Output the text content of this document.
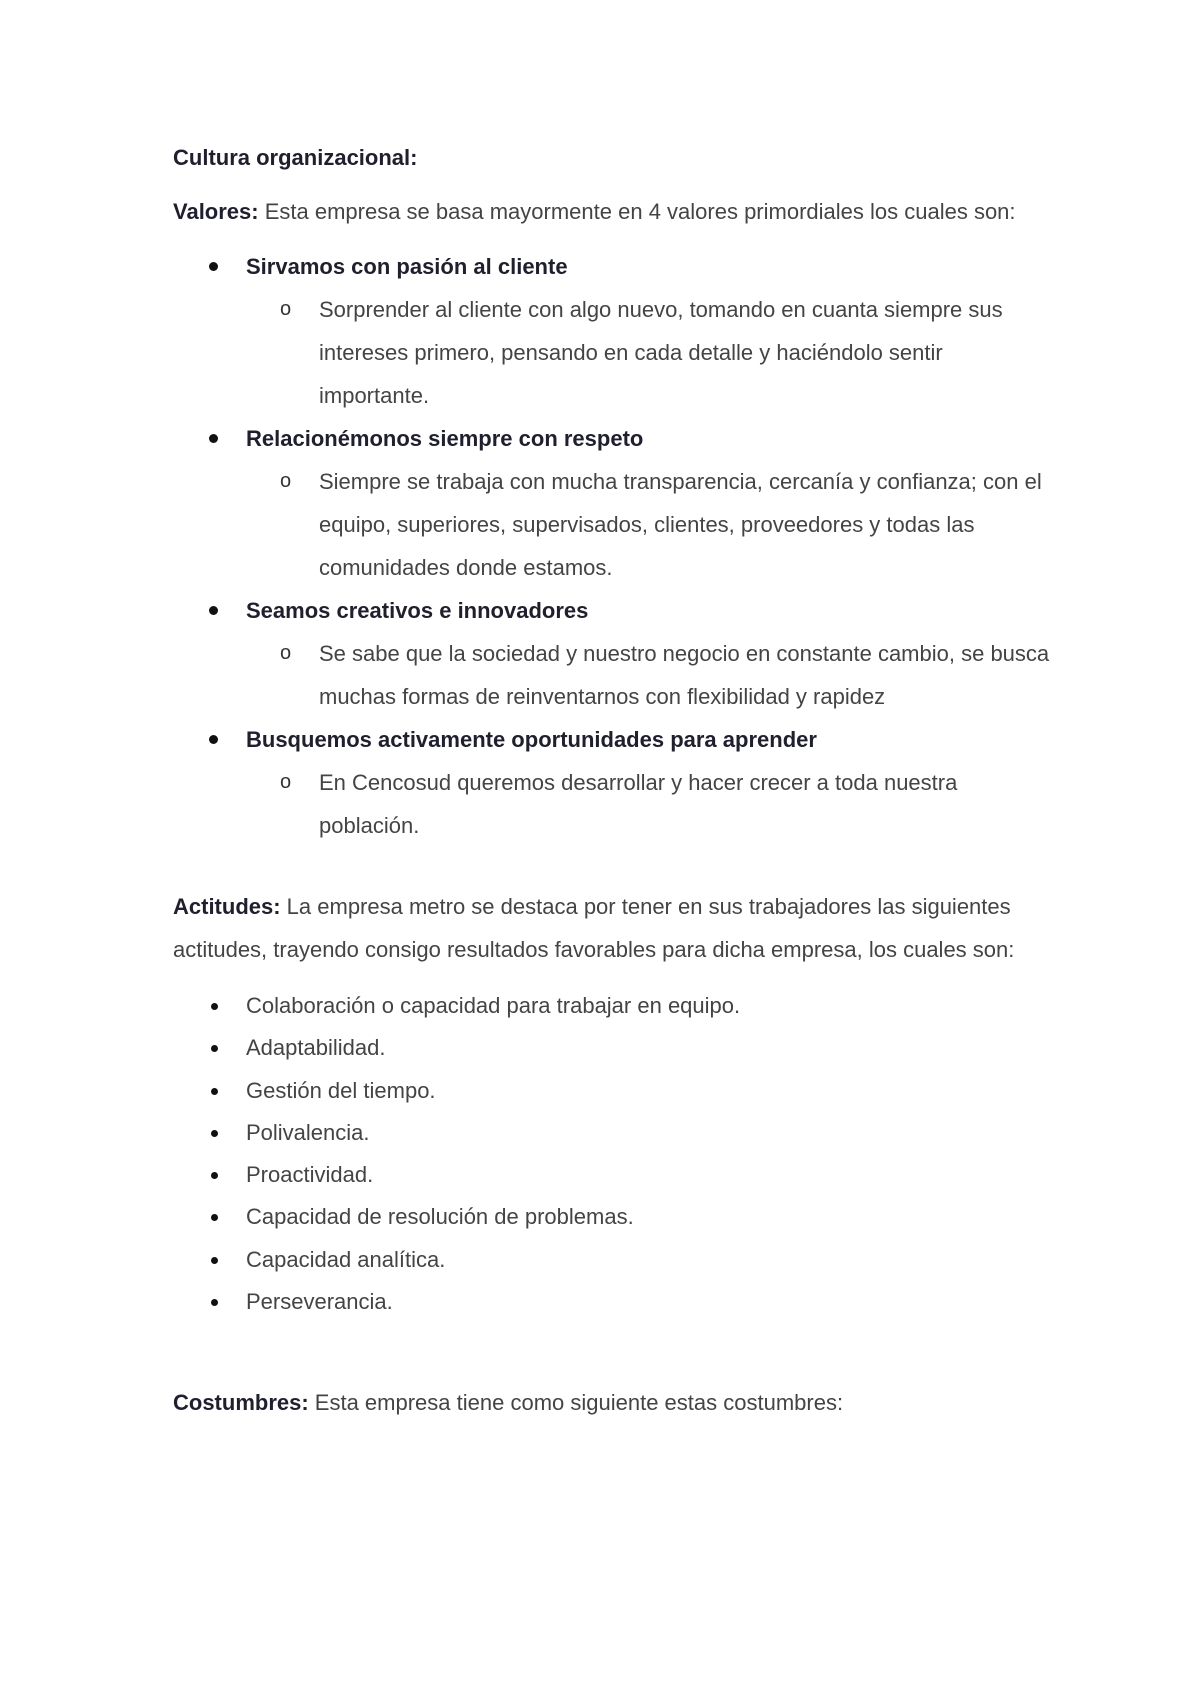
Cultura organizacional:

Valores: Esta empresa se basa mayormente en 4 valores primordiales los cuales son:

Sirvamos con pasión al cliente
o Sorprender al cliente con algo nuevo, tomando en cuanta siempre sus intereses primero, pensando en cada detalle y haciéndolo sentir importante.
Relacionémonos siempre con respeto
o Siempre se trabaja con mucha transparencia, cercanía y confianza; con el equipo, superiores, supervisados, clientes, proveedores y todas las comunidades donde estamos.
Seamos creativos e innovadores
o Se sabe que la sociedad y nuestro negocio en constante cambio, se busca muchas formas de reinventarnos con flexibilidad y rapidez
Busquemos activamente oportunidades para aprender
o En Cencosud queremos desarrollar y hacer crecer a toda nuestra población.

Actitudes: La empresa metro se destaca por tener en sus trabajadores las siguientes actitudes, trayendo consigo resultados favorables para dicha empresa, los cuales son:

Colaboración o capacidad para trabajar en equipo.
Adaptabilidad.
Gestión del tiempo.
Polivalencia.
Proactividad.
Capacidad de resolución de problemas.
Capacidad analítica.
Perseverancia.

Costumbres: Esta empresa tiene como siguiente estas costumbres:
